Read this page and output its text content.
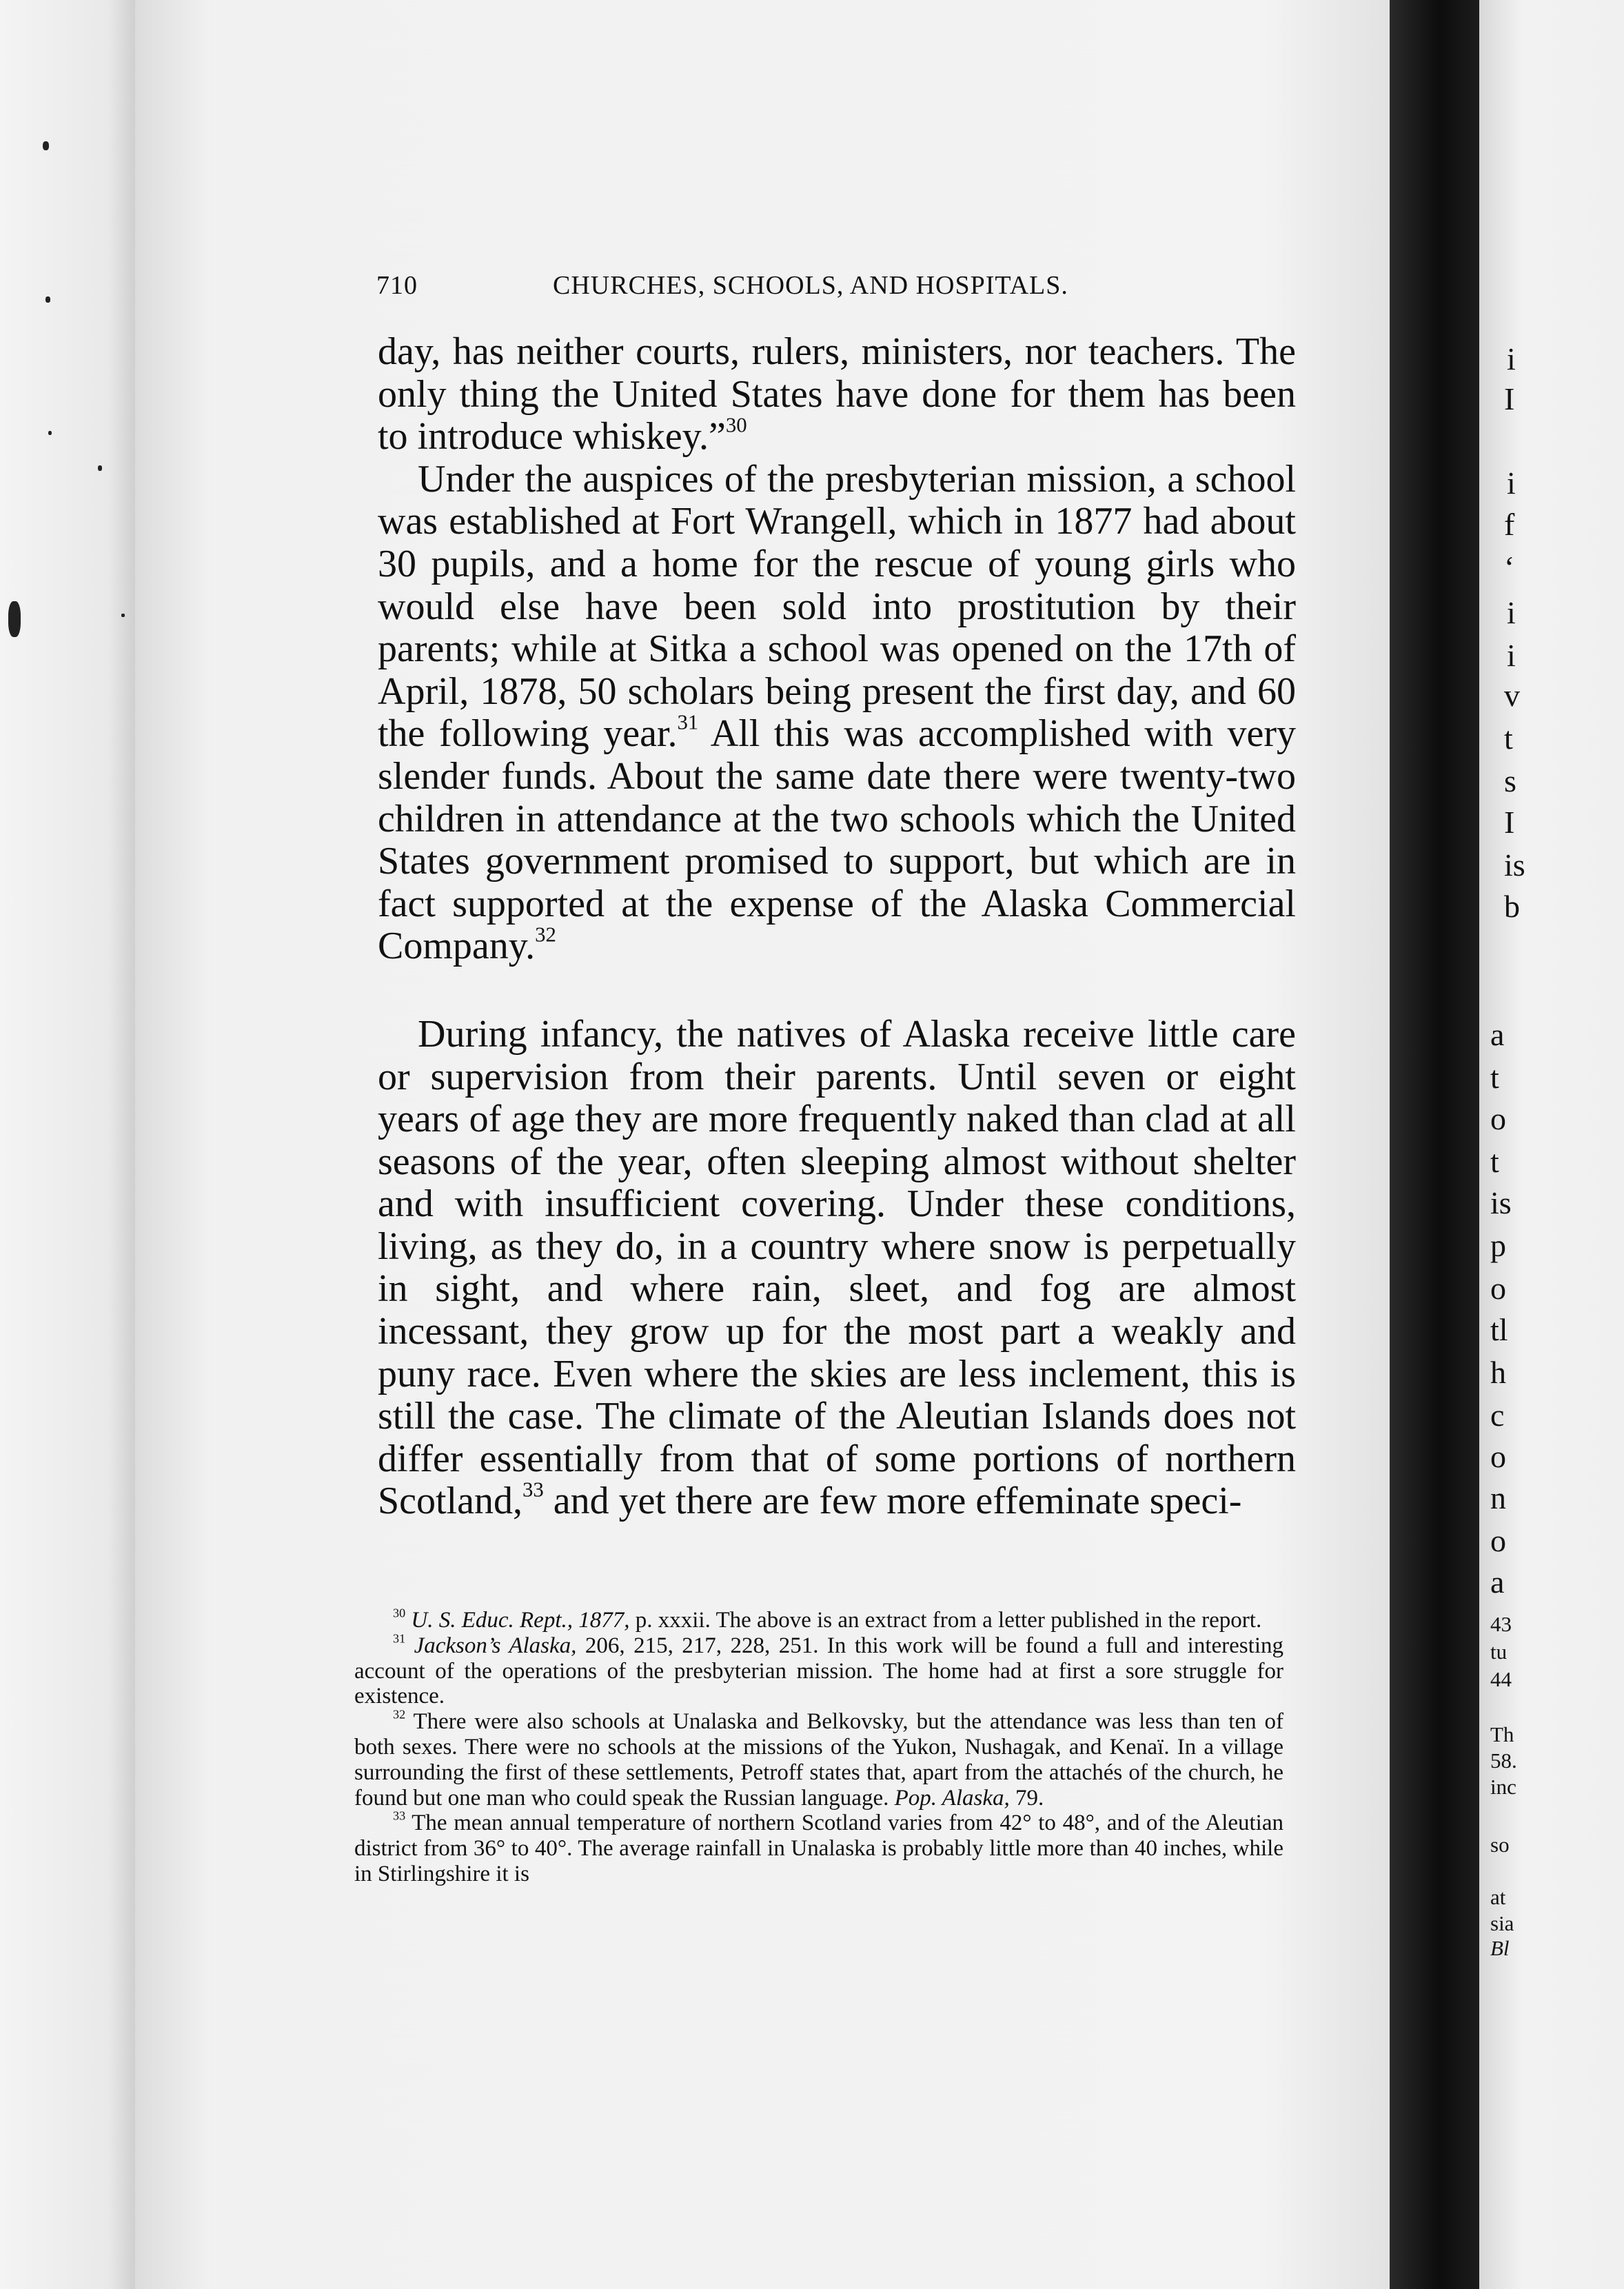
710	CHURCHES, SCHOOLS, AND HOSPITALS.

day, has neither courts, rulers, ministers, nor teachers. The only thing the United States have done for them has been to introduce whiskey.”$^{30}$

Under the auspices of the presbyterian mission, a school was established at Fort Wrangell, which in 1877 had about 30 pupils, and a home for the rescue of young girls who would else have been sold into prostitution by their parents; while at Sitka a school was opened on the 17th of April, 1878, 50 scholars being present the first day, and 60 the following year.$^{31}$ All this was accomplished with very slender funds. About the same date there were twenty-two children in attendance at the two schools which the United States government promised to support, but which are in fact supported at the expense of the Alaska Commercial Company.$^{32}$

During infancy, the natives of Alaska receive little care or supervision from their parents. Until seven or eight years of age they are more frequently naked than clad at all seasons of the year, often sleeping almost without shelter and with insufficient covering. Under these conditions, living, as they do, in a country where snow is perpetually in sight, and where rain, sleet, and fog are almost incessant, they grow up for the most part a weakly and puny race. Even where the skies are less inclement, this is still the case. The climate of the Aleutian Islands does not differ essentially from that of some portions of northern Scotland,$^{33}$ and yet there are few more effeminate speci-

$^{30}$ U. S. Educ. Rept., 1877, p. xxxii. The above is an extract from a letter published in the report.

$^{31}$ Jackson’s Alaska, 206, 215, 217, 228, 251. In this work will be found a full and interesting account of the operations of the presbyterian mission. The home had at first a sore struggle for existence.

$^{32}$ There were also schools at Unalaska and Belkovsky, but the attendance was less than ten of both sexes. There were no schools at the missions of the Yukon, Nushagak, and Kenaï. In a village surrounding the first of these settlements, Petroff states that, apart from the attachés of the church, he found but one man who could speak the Russian language. Pop. Alaska, 79.

$^{33}$ The mean annual temperature of northern Scotland varies from 42° to 48°, and of the Aleutian district from 36° to 40°. The average rainfall in Unalaska is probably little more than 40 inches, while in Stirlingshire it is

i
I
i
f
‘
i
i
v
t
s
I
is
b
a
t
o
t
is
p
o
tl
h
c
o
n
o
a
43
tu
44
Th
58.
inc
so
at
sia
Bl
